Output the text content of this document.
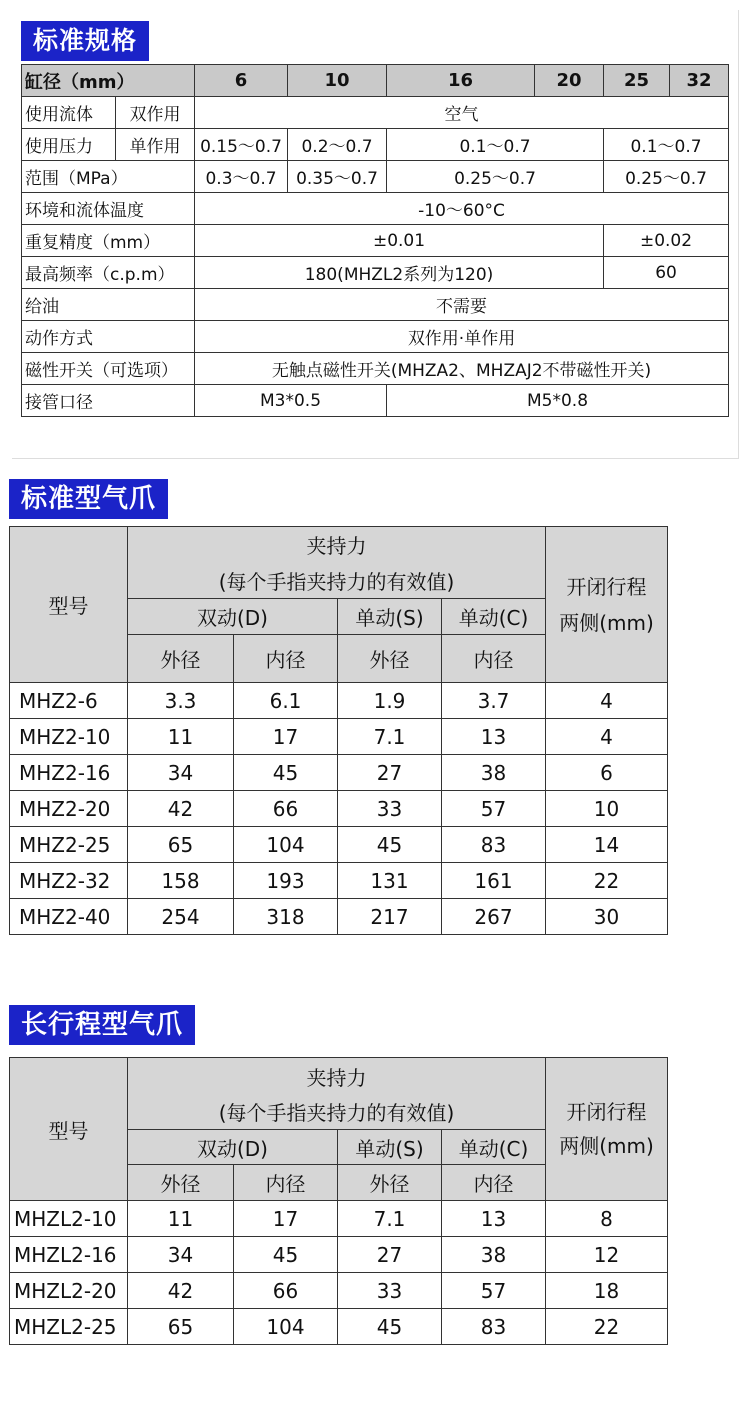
标准规格
缸径（mm）		6	10	16	20	25	32
使用流体	双作用	空气					
使用压力	单作用	0.15～0.7	0.2～0.7	0.1～0.7		0.1～0.7	
范围（MPa）		0.3～0.7	0.35～0.7	0.25～0.7		0.25～0.7	
环境和流体温度		-10～60°C					
重复精度（mm）		±0.01				±0.02	
最高频率（c.p.m）		180(MHZL2系列为120)				60	
给油		不需要					
动作方式		双作用·单作用					
磁性开关（可选项）		无触点磁性开关(MHZA2、MHZAJ2不带磁性开关)					
接管口径		M3*0.5		M5*0.8			
标准型气爪
型号	夹持力				开闭行程
两侧(mm)

	(每个手指夹持力的有效值)				
	双动(D)		单动(S)	单动(C)	
	外径	内径	外径	内径	
MHZ2-6	3.3	6.1	1.9	3.7	4
MHZ2-10	11	17	7.1	13	4
MHZ2-16	34	45	27	38	6
MHZ2-20	42	66	33	57	10
MHZ2-25	65	104	45	83	14
MHZ2-32	158	193	131	161	22
MHZ2-40	254	318	217	267	30
长行程型气爪
型号	夹持力				开闭行程
两侧(mm)

	(每个手指夹持力的有效值)				
	双动(D)		单动(S)	单动(C)	
	外径	内径	外径	内径	
MHZL2-10	11	17	7.1	13	8
MHZL2-16	34	45	27	38	12
MHZL2-20	42	66	33	57	18
MHZL2-25	65	104	45	83	22
